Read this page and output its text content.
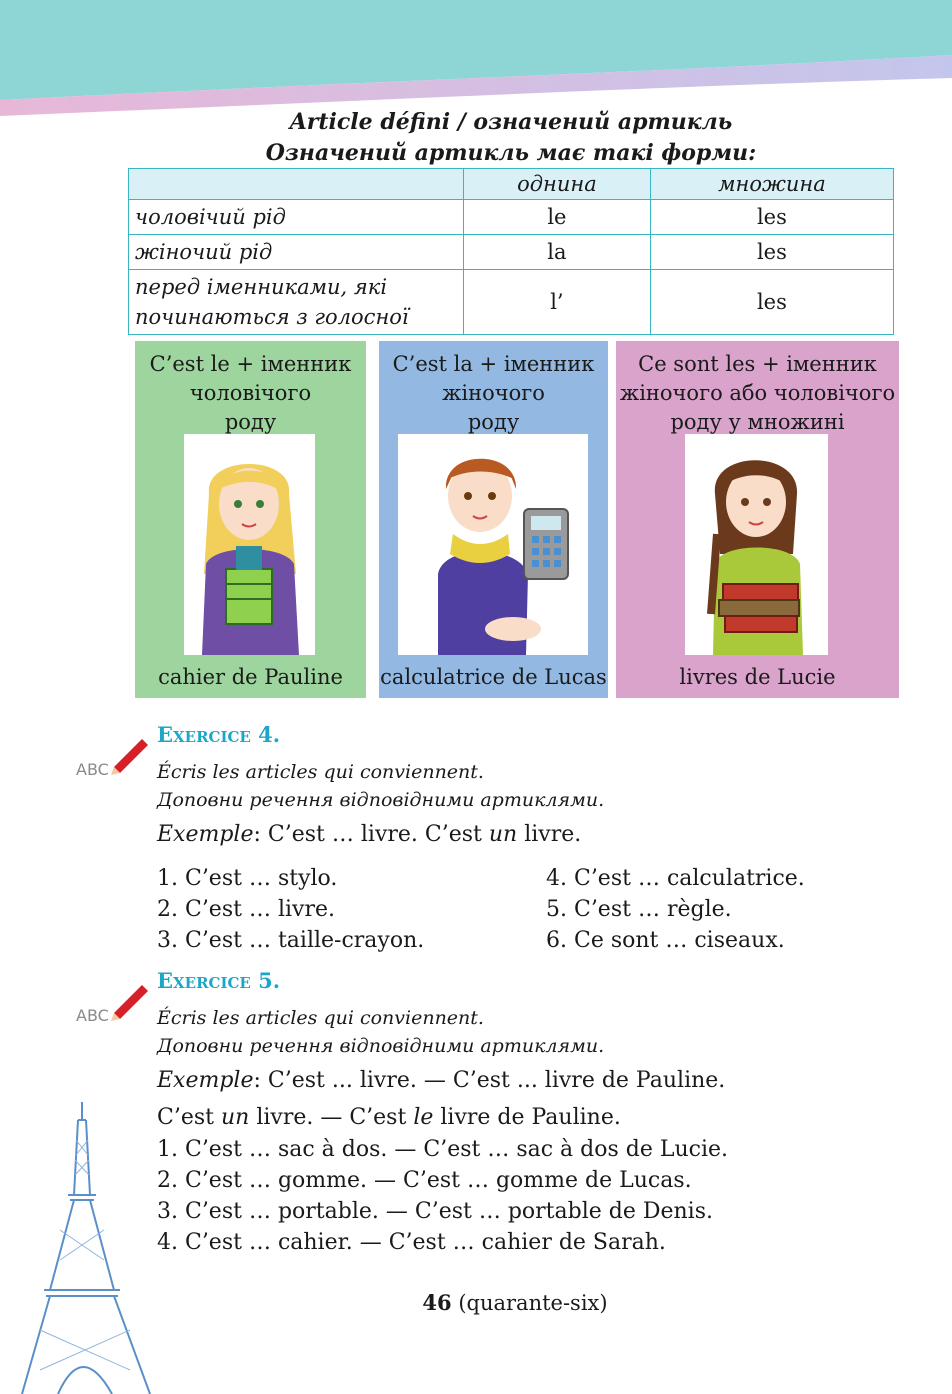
Article défini / означений артикль
Означений артикль має такі форми:
	однина	множина
чоловічий рід	le	les
жіночий рід	la	les

перед іменниками, які
починаються з голосної	l’	les
C’est le + іменник
чоловічого
роду
cahier de Pauline
C’est la + іменник
жіночого
роду
calculatrice de Lucas
Ce sont les + іменник
жіночого або чоловічого
роду у множині
livres de Lucie
ABC
ABC
Exercice 4.
Écris les articles qui conviennent.
Доповни речення відповідними артиклями.
Exemple: C’est … livre. C’est un livre.
1. C’est … stylo.
2. C’est … livre.
3. C’est … taille-crayon.
4. C’est … calculatrice.
5. C’est … règle.
6. Ce sont … ciseaux.
Exercice 5.
Écris les articles qui conviennent.
Доповни речення відповідними артиклями.
Exemple: C’est ... livre. — C’est ... livre de Pauline.
C’est un livre. — C’est le livre de Pauline.
1. C’est … sac à dos. — C’est … sac à dos de Lucie.
2. C’est … gomme. — C’est … gomme de Lucas.
3. C’est … portable. — C’est … portable de Denis.
4. C’est … cahier. — C’est … cahier de Sarah.
46 (quarante-six)
